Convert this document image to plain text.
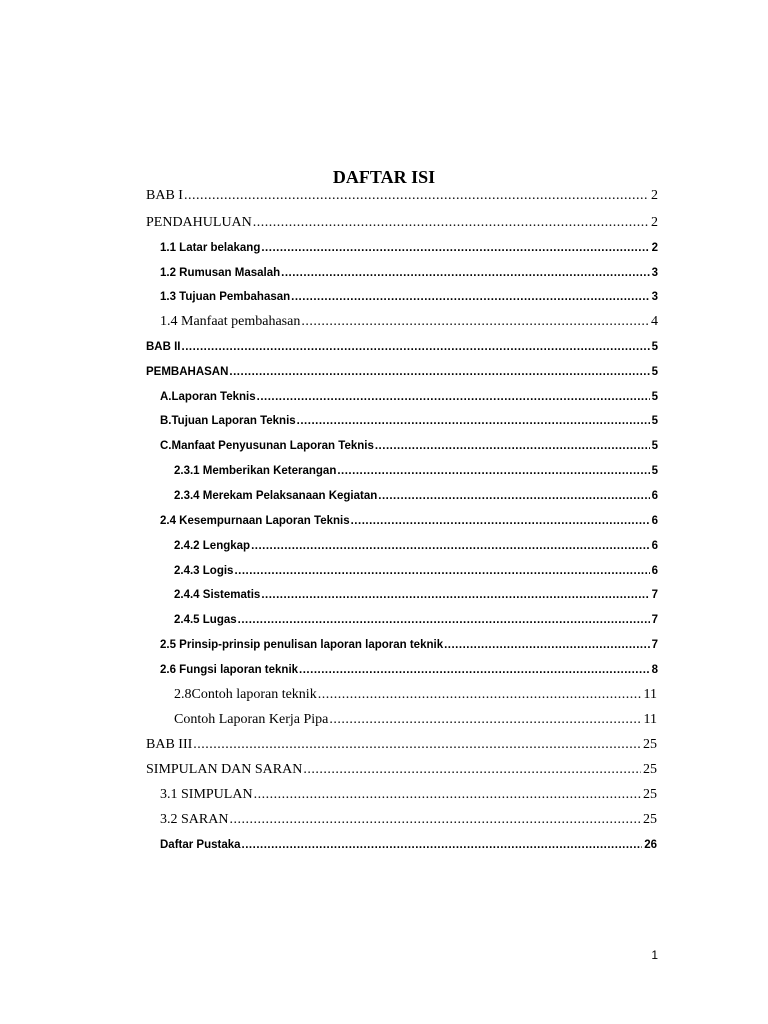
DAFTAR ISI
BAB I .....	2
PENDAHULUAN .....	2
1.1 Latar belakang .....	2
1.2 Rumusan Masalah .....	3
1.3 Tujuan Pembahasan .....	3
1.4 Manfaat pembahasan .....	4
BAB II .....	5
PEMBAHASAN .....	5
A. Laporan Teknis .....	5
B. Tujuan Laporan Teknis .....	5
C. Manfaat Penyusunan Laporan Teknis .....	5
2.3.1 Memberikan Keterangan .....	5
2.3.4 Merekam Pelaksanaan Kegiatan .....	6
2.4 Kesempurnaan Laporan Teknis .....	6
2.4.2 Lengkap .....	6
2.4.3 Logis .....	6
2.4.4 Sistematis .....	7
2.4.5 Lugas .....	7
2.5 Prinsip-prinsip penulisan laporan laporan teknik .....	7
2.6 Fungsi laporan teknik .....	8
2.8 Contoh laporan teknik .....	11
Contoh Laporan Kerja Pipa .....	11
BAB III .....	25
SIMPULAN DAN SARAN .....	25
3.1 SIMPULAN .....	25
3.2 SARAN .....	25
Daftar Pustaka .....	26
1
